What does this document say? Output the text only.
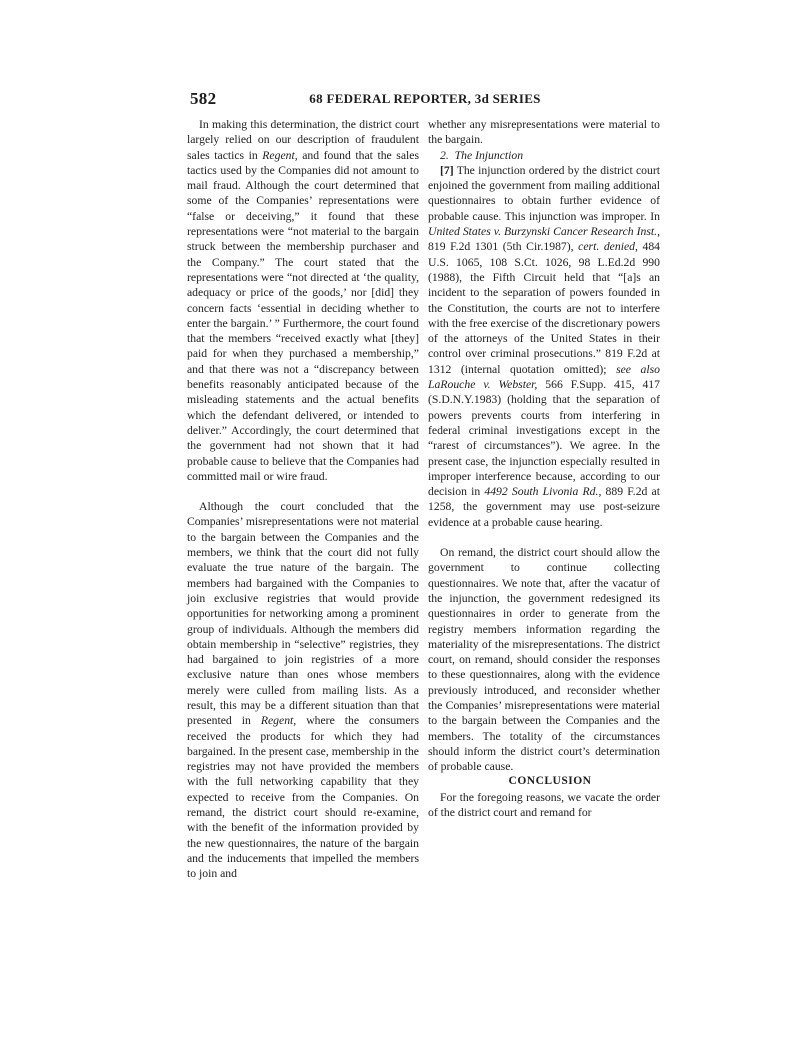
582	68 FEDERAL REPORTER, 3d SERIES

In making this determination, the district court largely relied on our description of fraudulent sales tactics in Regent, and found that the sales tactics used by the Companies did not amount to mail fraud. Although the court determined that some of the Companies’ representations were “false or deceiving,” it found that these representations were “not material to the bargain struck between the membership purchaser and the Company.” The court stated that the representations were “not directed at ‘the quality, adequacy or price of the goods,’ nor [did] they concern facts ‘essential in deciding whether to enter the bargain.’ ” Furthermore, the court found that the members “received exactly what [they] paid for when they purchased a membership,” and that there was not a “discrepancy between benefits reasonably anticipated because of the misleading statements and the actual benefits which the defendant delivered, or intended to deliver.” Accordingly, the court determined that the government had not shown that it had probable cause to believe that the Companies had committed mail or wire fraud.

Although the court concluded that the Companies’ misrepresentations were not material to the bargain between the Companies and the members, we think that the court did not fully evaluate the true nature of the bargain. The members had bargained with the Companies to join exclusive registries that would provide opportunities for networking among a prominent group of individuals. Although the members did obtain membership in “selective” registries, they had bargained to join registries of a more exclusive nature than ones whose members merely were culled from mailing lists. As a result, this may be a different situation than that presented in Regent, where the consumers received the products for which they had bargained. In the present case, membership in the registries may not have provided the members with the full networking capability that they expected to receive from the Companies. On remand, the district court should re-examine, with the benefit of the information provided by the new questionnaires, the nature of the bargain and the inducements that impelled the members to join and

whether any misrepresentations were material to the bargain.

2. The Injunction

[7] The injunction ordered by the district court enjoined the government from mailing additional questionnaires to obtain further evidence of probable cause. This injunction was improper. In United States v. Burzynski Cancer Research Inst., 819 F.2d 1301 (5th Cir.1987), cert. denied, 484 U.S. 1065, 108 S.Ct. 1026, 98 L.Ed.2d 990 (1988), the Fifth Circuit held that “[a]s an incident to the separation of powers founded in the Constitution, the courts are not to interfere with the free exercise of the discretionary powers of the attorneys of the United States in their control over criminal prosecutions.” 819 F.2d at 1312 (internal quotation omitted); see also LaRouche v. Webster, 566 F.Supp. 415, 417 (S.D.N.Y.1983) (holding that the separation of powers prevents courts from interfering in federal criminal investigations except in the “rarest of circumstances”). We agree. In the present case, the injunction especially resulted in improper interference because, according to our decision in 4492 South Livonia Rd., 889 F.2d at 1258, the government may use post-seizure evidence at a probable cause hearing.

On remand, the district court should allow the government to continue collecting questionnaires. We note that, after the vacatur of the injunction, the government redesigned its questionnaires in order to generate from the registry members information regarding the materiality of the misrepresentations. The district court, on remand, should consider the responses to these questionnaires, along with the evidence previously introduced, and reconsider whether the Companies’ misrepresentations were material to the bargain between the Companies and the members. The totality of the circumstances should inform the district court’s determination of probable cause.

CONCLUSION

For the foregoing reasons, we vacate the order of the district court and remand for
